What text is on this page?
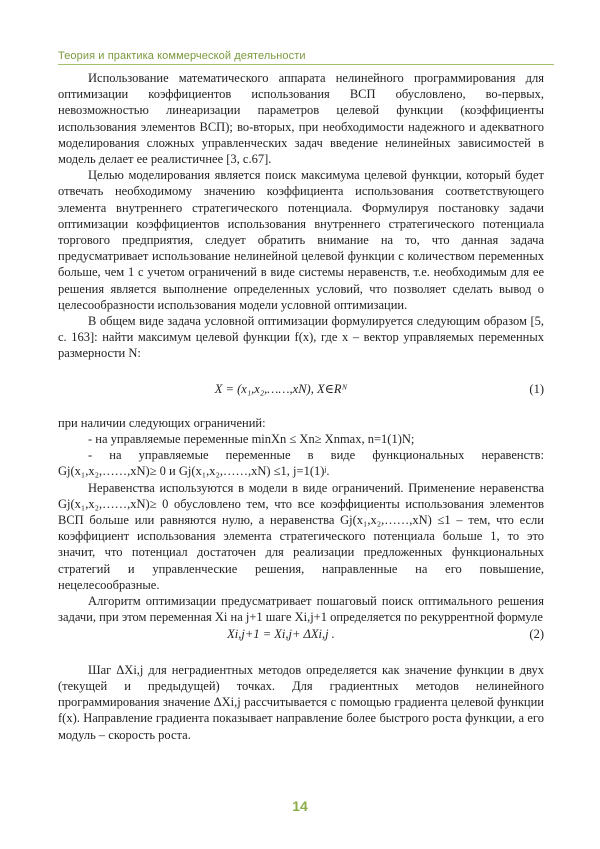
Теория и практика коммерческой деятельности

Использование математического аппарата нелинейного программирования для оптимизации коэффициентов использования ВСП обусловлено, во-первых, невозможностью линеаризации параметров целевой функции (коэффициенты использования элементов ВСП); во-вторых, при необходимости надежного и адекватного моделирования сложных управленческих задач введение нелинейных зависимостей в модель делает ее реалистичнее [3, с.67].

Целью моделирования является поиск максимума целевой функции, который будет отвечать необходимому значению коэффициента использования соответствующего элемента внутреннего стратегического потенциала. Формулируя постановку задачи оптимизации коэффициентов использования внутреннего стратегического потенциала торгового предприятия, следует обратить внимание на то, что данная задача предусматривает использование нелинейной целевой функции с количеством переменных больше, чем 1 с учетом ограничений в виде системы неравенств, т.е. необходимым для ее решения является выполнение определенных условий, что позволяет сделать вывод о целесообразности использования модели условной оптимизации.

В общем виде задача условной оптимизации формулируется следующим образом [5, с. 163]: найти максимум целевой функции f(x), где x – вектор управляемых переменных размерности N:

X = (x₁,x₂,……,xN), X∈Rᴺ	(1)

при наличии следующих ограничений:

- на управляемые переменные minXn ≤ Xn≥ Xnmax, n=1(1)N;

- на управляемые переменные в виде функциональных неравенств: Gj(x₁,x₂,……,xN)≥ 0 и Gj(x₁,x₂,……,xN) ≤1, j=1(1)ʲ.

Неравенства используются в модели в виде ограничений. Применение неравенства Gj(x₁,x₂,……,xN)≥ 0 обусловлено тем, что все коэффициенты использования элементов ВСП больше или равняются нулю, а неравенства Gj(x₁,x₂,……,xN) ≤1 – тем, что если коэффициент использования элемента стратегического потенциала больше 1, то это значит, что потенциал достаточен для реализации предложенных функциональных стратегий и управленческие решения, направленные на его повышение, нецелесообразные.

Алгоритм оптимизации предусматривает пошаговый поиск оптимального решения задачи, при этом переменная Xi на j+1 шаге Xi,j+1 определяется по рекуррентной формуле

Xi,j+1 = Xi,j+ ΔXi,j .	(2)

Шаг ΔXi,j для неградиентных методов определяется как значение функции в двух (текущей и предыдущей) точках. Для градиентных методов нелинейного программирования значение ΔXi,j рассчитывается с помощью градиента целевой функции f(x). Направление градиента показывает направление более быстрого роста функции, а его модуль – скорость роста.

14
